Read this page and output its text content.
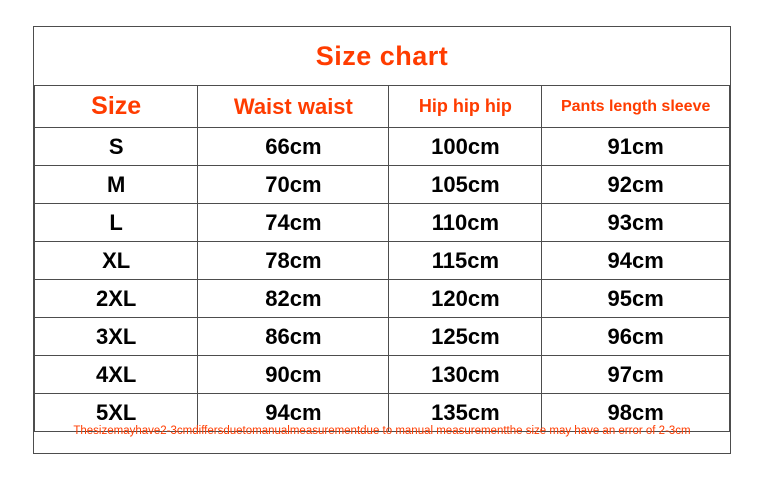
Size chart
Size	Waist waist	Hip hip hip	Pants length sleeve
S	66cm	100cm	91cm
M	70cm	105cm	92cm
L	74cm	110cm	93cm
XL	78cm	115cm	94cm
2XL	82cm	120cm	95cm
3XL	86cm	125cm	96cm
4XL	90cm	130cm	97cm
5XL	94cm	135cm	98cm
Thesizemayhave2-3cmdiffersduetomanualmeasurementdue to manual measurementthe size may have an error of 2-3cm
